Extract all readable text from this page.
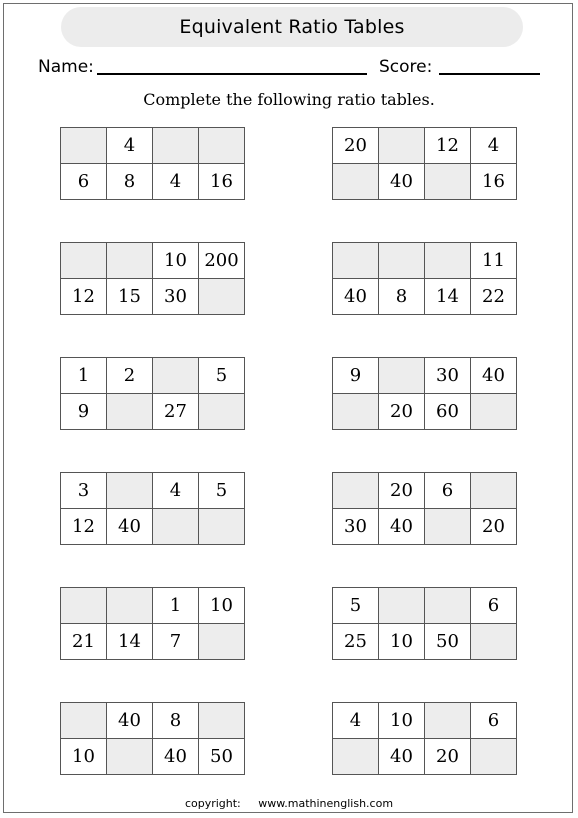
Equivalent Ratio Tables
Name:	Score:
Complete the following ratio tables.
	4		
6	8	4	16
20		12	4
	40		16
		10	200
12	15	30	
			11
40	8	14	22
1	2		5
9		27	
9		30	40
	20	60	
3		4	5
12	40		
	20	6	
30	40		20
		1	10
21	14	7	
5			6
25	10	50	
	40	8	
10		40	50
4	10		6
	40	20	
copyright: www.mathinenglish.com
